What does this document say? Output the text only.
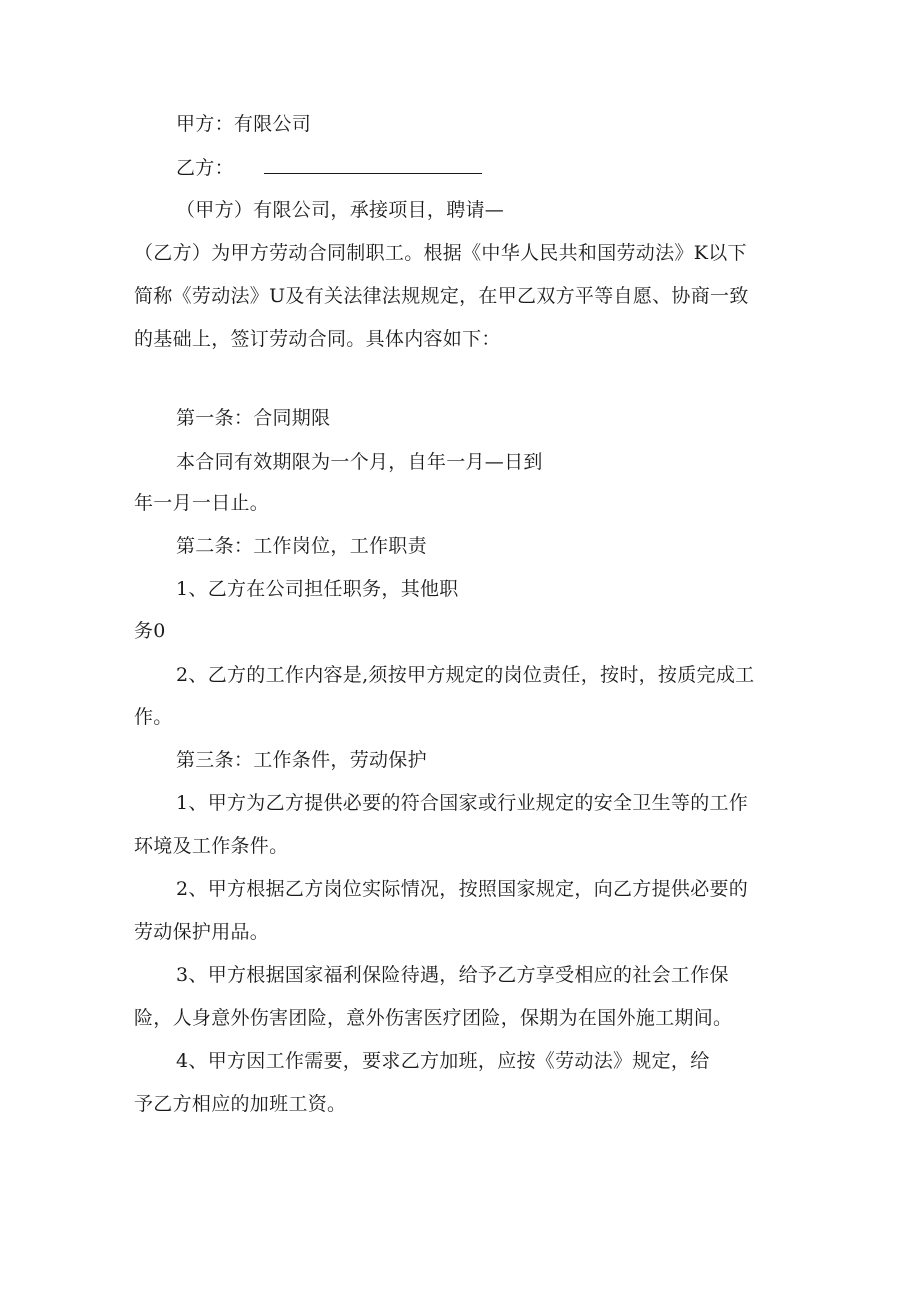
甲方：有限公司
乙方：
（甲方）有限公司，承接项目，聘请—
（乙方）为甲方劳动合同制职工。根据《中华人民共和国劳动法》K以下
简称《劳动法》U及有关法律法规规定，在甲乙双方平等自愿、协商一致
的基础上，签订劳动合同。具体内容如下：
第一条：合同期限
本合同有效期限为一个月，自年一月—日到
年一月一日止。
第二条：工作岗位，工作职责
1、乙方在公司担任职务，其他职
务0
2、乙方的工作内容是,须按甲方规定的岗位责任，按时，按质完成工
作。
第三条：工作条件，劳动保护
1、甲方为乙方提供必要的符合国家或行业规定的安全卫生等的工作
环境及工作条件。
2、甲方根据乙方岗位实际情况，按照国家规定，向乙方提供必要的
劳动保护用品。
3、甲方根据国家福利保险待遇，给予乙方享受相应的社会工作保
险，人身意外伤害团险，意外伤害医疗团险，保期为在国外施工期间。
4、甲方因工作需要，要求乙方加班，应按《劳动法》规定，给
予乙方相应的加班工资。
